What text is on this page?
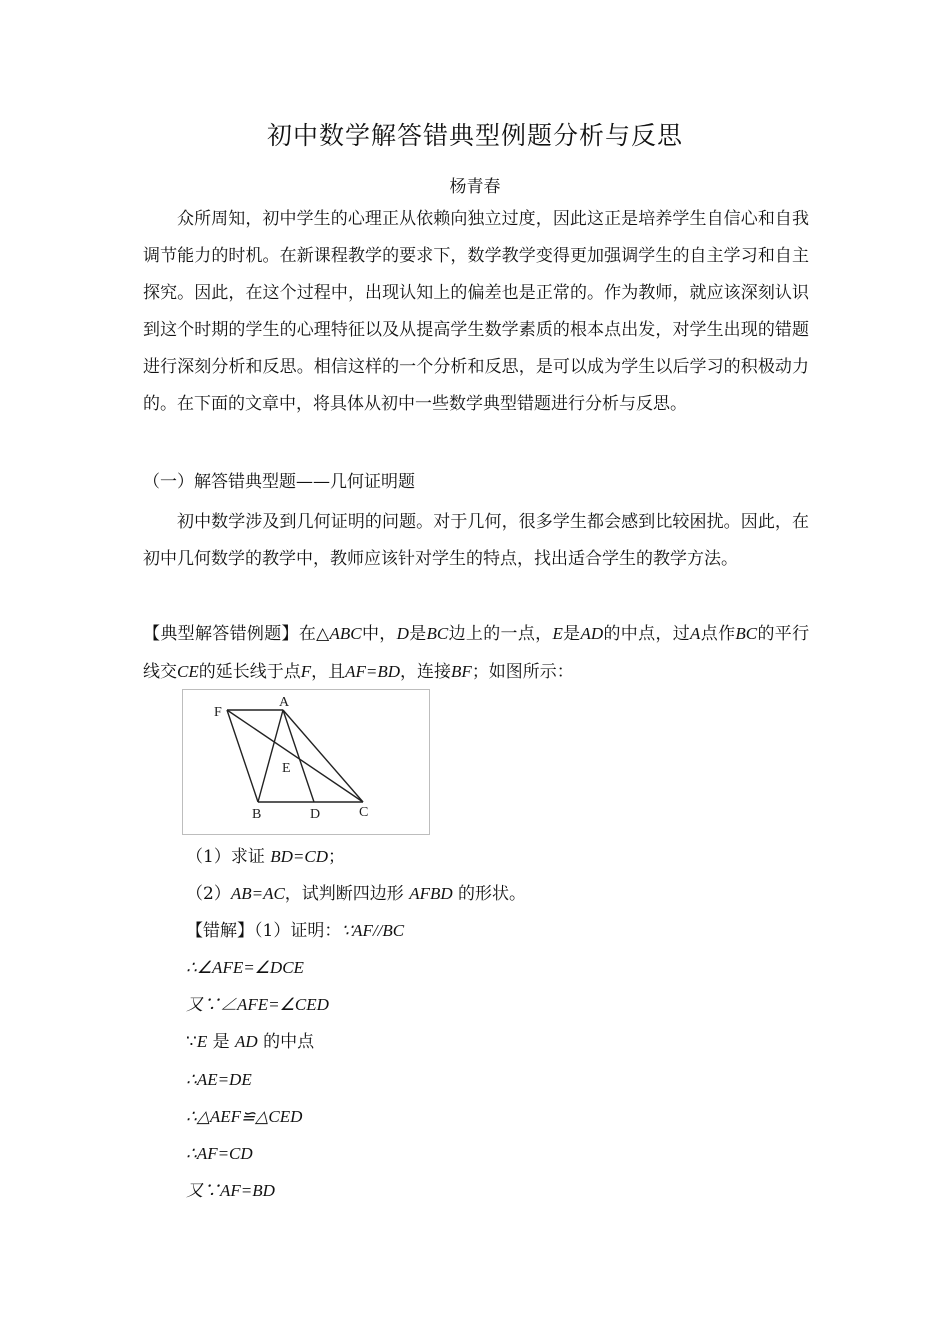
初中数学解答错典型例题分析与反思
杨青春
众所周知，初中学生的心理正从依赖向独立过度，因此这正是培养学生自信心和自我调节能力的时机。在新课程教学的要求下，数学教学变得更加强调学生的自主学习和自主探究。因此，在这个过程中，出现认知上的偏差也是正常的。作为教师，就应该深刻认识到这个时期的学生的心理特征以及从提高学生数学素质的根本点出发，对学生出现的错题进行深刻分析和反思。相信这样的一个分析和反思，是可以成为学生以后学习的积极动力的。在下面的文章中，将具体从初中一些数学典型错题进行分析与反思。
（一）解答错典型题——几何证明题
初中数学涉及到几何证明的问题。对于几何，很多学生都会感到比较困扰。因此，在初中几何数学的教学中，教师应该针对学生的特点，找出适合学生的教学方法。
【典型解答错例题】在△ABC中，D是BC边上的一点，E是AD的中点，过A点作BC的平行线交CE的延长线于点F，且AF=BD，连接BF；如图所示：
F
A
E
B	D	C
（1）求证 BD=CD；
（2）AB=AC，试判断四边形 AFBD 的形状。
【错解】（1）证明：∵AF//BC
∴∠AFE=∠DCE
又∵∠AFE=∠CED
∵E 是 AD 的中点
∴AE=DE
∴△AEF≌△CED
∴AF=CD
又∵AF=BD
